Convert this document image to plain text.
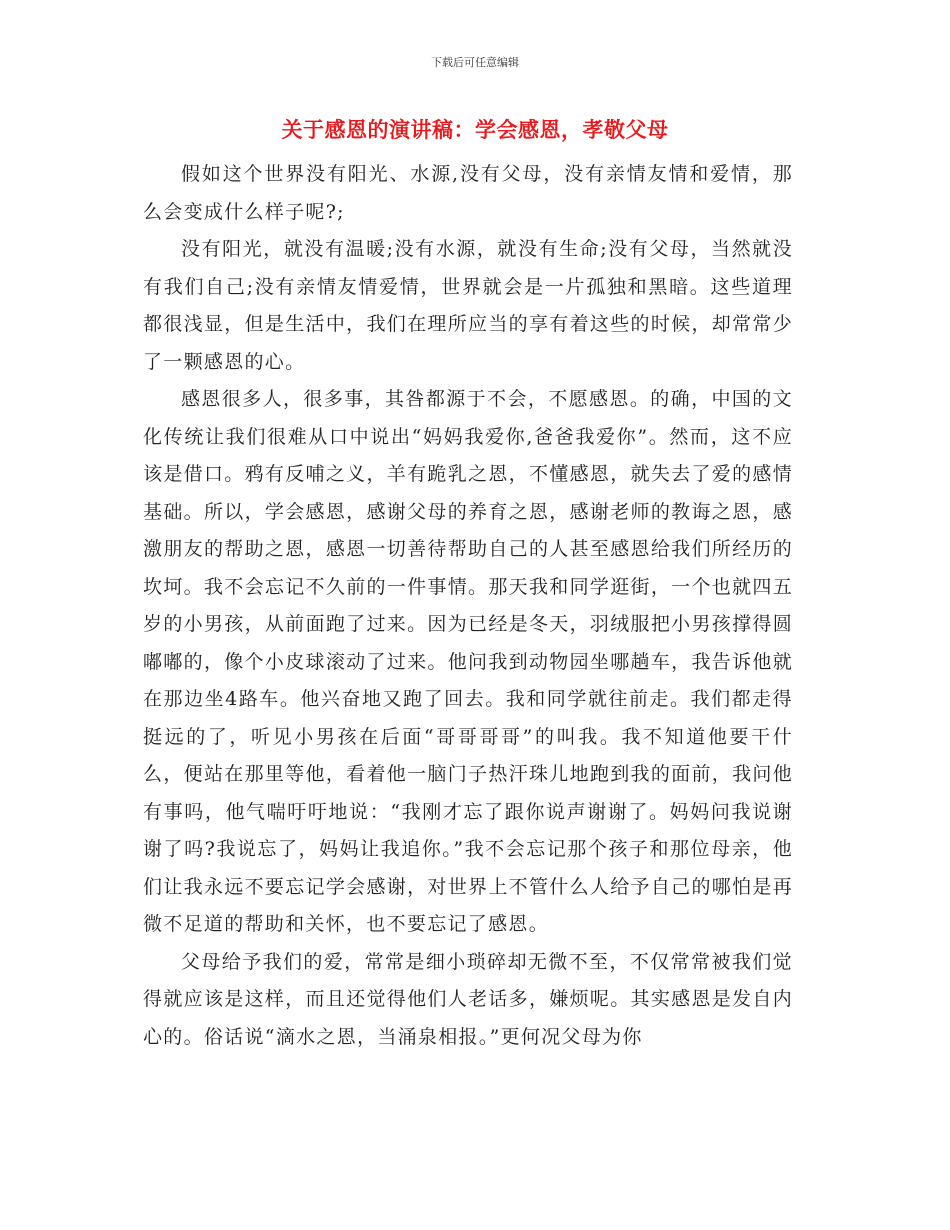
下载后可任意编辑
关于感恩的演讲稿：学会感恩，孝敬父母

假如这个世界没有阳光、水源,没有父母，没有亲情友情和爱情，那么会变成什么样子呢?;

没有阳光，就没有温暖;没有水源，就没有生命;没有父母，当然就没有我们自己;没有亲情友情爱情，世界就会是一片孤独和黑暗。这些道理都很浅显，但是生活中，我们在理所应当的享有着这些的时候，却常常少了一颗感恩的心。

感恩很多人，很多事，其咎都源于不会，不愿感恩。的确，中国的文化传统让我们很难从口中说出“妈妈我爱你,爸爸我爱你”。然而，这不应该是借口。鸦有反哺之义，羊有跪乳之恩，不懂感恩，就失去了爱的感情基础。所以，学会感恩，感谢父母的养育之恩，感谢老师的教诲之恩，感激朋友的帮助之恩，感恩一切善待帮助自己的人甚至感恩给我们所经历的坎坷。我不会忘记不久前的一件事情。那天我和同学逛街，一个也就四五岁的小男孩，从前面跑了过来。因为已经是冬天，羽绒服把小男孩撑得圆嘟嘟的，像个小皮球滚动了过来。他问我到动物园坐哪趟车，我告诉他就在那边坐4路车。他兴奋地又跑了回去。我和同学就往前走。我们都走得挺远的了，听见小男孩在后面“哥哥哥哥”的叫我。我不知道他要干什么，便站在那里等他，看着他一脑门子热汗珠儿地跑到我的面前，我问他有事吗，他气喘吁吁地说：“我刚才忘了跟你说声谢谢了。妈妈问我说谢谢了吗?我说忘了，妈妈让我追你。”我不会忘记那个孩子和那位母亲，他们让我永远不要忘记学会感谢，对世界上不管什么人给予自己的哪怕是再微不足道的帮助和关怀，也不要忘记了感恩。

父母给予我们的爱，常常是细小琐碎却无微不至，不仅常常被我们觉得就应该是这样，而且还觉得他们人老话多，嫌烦呢。其实感恩是发自内心的。俗话说“滴水之恩，当涌泉相报。”更何况父母为你
